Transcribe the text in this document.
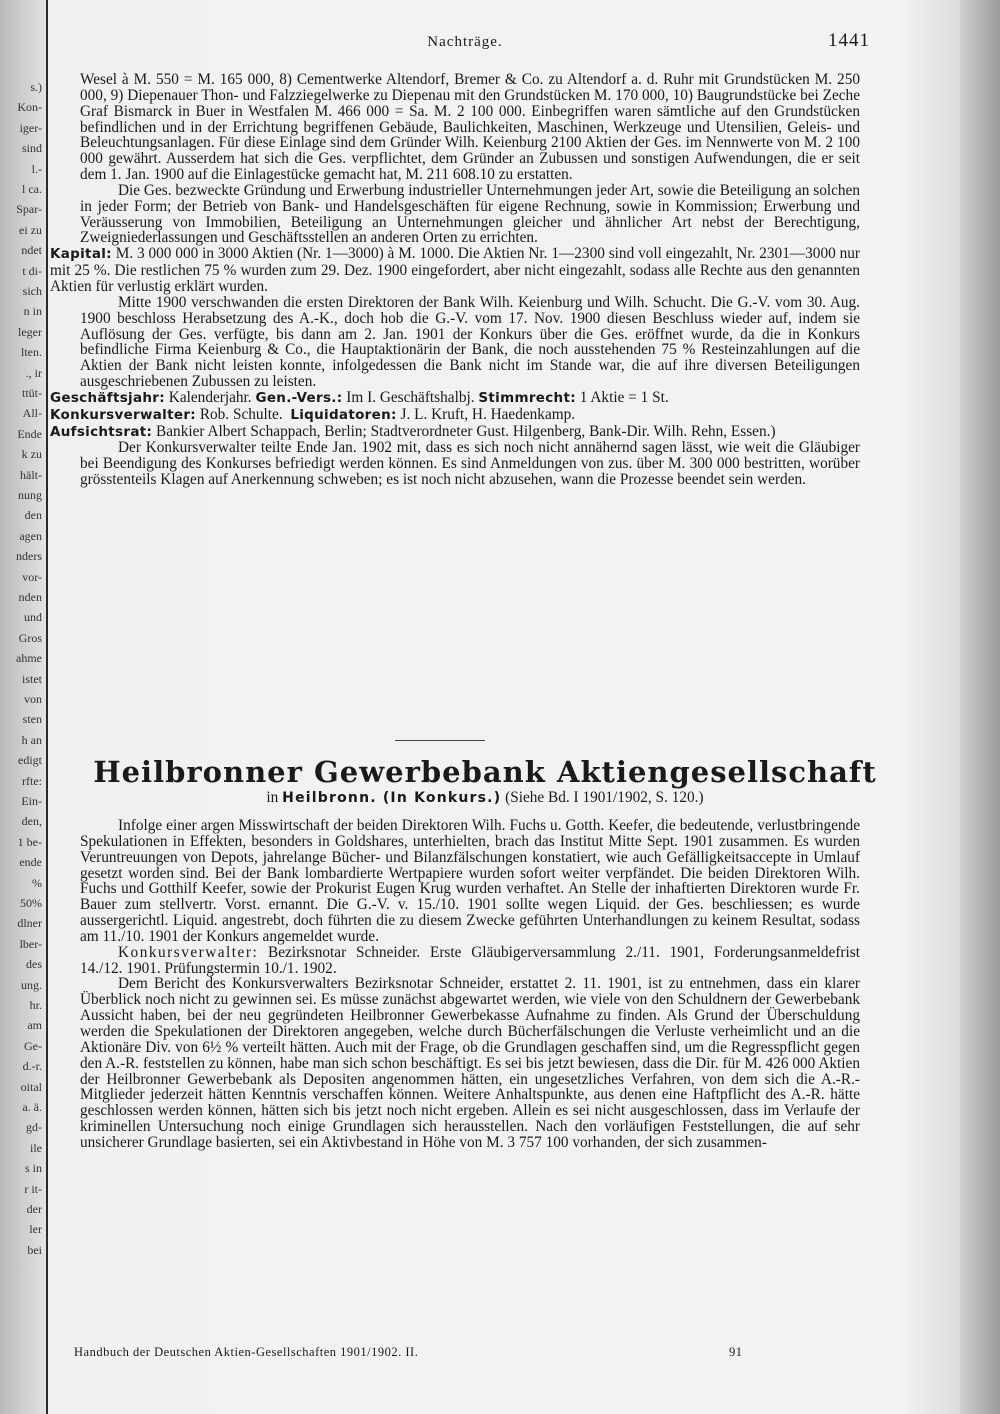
s.)
Kon-
iger-
sind
l.-
l ca.
Spar-
ei zu
ndet
t di-
sich
n in
leger
lten.
., ir
ttüt-
All-
Ende
k zu
hält-
nung
den
agen
nders
vor-
nden
und
Gros
ahme
istet
von
sten
h an
edigt
rfte:
Ein-
den,
1 be-
ende
%
50%
dlner
lber-
des
ung.
hr.
am
Ge-
d.-r.
oital
a. ä.
gd-
ile
s in
r it-
der
ler
bei
Nachträge.	1441

Wesel à M. 550 = M. 165 000, 8) Cementwerke Altendorf, Bremer & Co. zu Altendorf a. d. Ruhr mit Grundstücken M. 250 000, 9) Diepenauer Thon- und Falzziegelwerke zu Diepenau mit den Grundstücken M. 170 000, 10) Baugrundstücke bei Zeche Graf Bismarck in Buer in Westfalen M. 466 000 = Sa. M. 2 100 000. Einbegriffen waren sämtliche auf den Grundstücken befindlichen und in der Errichtung begriffenen Gebäude, Baulichkeiten, Maschinen, Werkzeuge und Utensilien, Geleis- und Beleuchtungsanlagen. Für diese Einlage sind dem Gründer Wilh. Keienburg 2100 Aktien der Ges. im Nennwerte von M. 2 100 000 gewährt. Ausserdem hat sich die Ges. verpflichtet, dem Gründer an Zubussen und sonstigen Aufwendungen, die er seit dem 1. Jan. 1900 auf die Einlagestücke gemacht hat, M. 211 608.10 zu erstatten.

Die Ges. bezweckte Gründung und Erwerbung industrieller Unternehmungen jeder Art, sowie die Beteiligung an solchen in jeder Form; der Betrieb von Bank- und Handelsgeschäften für eigene Rechnung, sowie in Kommission; Erwerbung und Veräusserung von Immobilien, Beteiligung an Unternehmungen gleicher und ähnlicher Art nebst der Berechtigung, Zweigniederlassungen und Geschäftsstellen an anderen Orten zu errichten.

Kapital: M. 3 000 000 in 3000 Aktien (Nr. 1—3000) à M. 1000. Die Aktien Nr. 1—2300 sind voll eingezahlt, Nr. 2301—3000 nur mit 25 %. Die restlichen 75 % wurden zum 29. Dez. 1900 eingefordert, aber nicht eingezahlt, sodass alle Rechte aus den genannten Aktien für verlustig erklärt wurden.

Mitte 1900 verschwanden die ersten Direktoren der Bank Wilh. Keienburg und Wilh. Schucht. Die G.-V. vom 30. Aug. 1900 beschloss Herabsetzung des A.-K., doch hob die G.-V. vom 17. Nov. 1900 diesen Beschluss wieder auf, indem sie Auflösung der Ges. verfügte, bis dann am 2. Jan. 1901 der Konkurs über die Ges. eröffnet wurde, da die in Konkurs befindliche Firma Keienburg & Co., die Hauptaktionärin der Bank, die noch ausstehenden 75 % Resteinzahlungen auf die Aktien der Bank nicht leisten konnte, infolgedessen die Bank nicht im Stande war, die auf ihre diversen Beteiligungen ausgeschriebenen Zubussen zu leisten.

Geschäftsjahr: Kalenderjahr. Gen.-Vers.: Im I. Geschäftshalbj. Stimmrecht: 1 Aktie = 1 St.

Konkursverwalter: Rob. Schulte. Liquidatoren: J. L. Kruft, H. Haedenkamp.

Aufsichtsrat: Bankier Albert Schappach, Berlin; Stadtverordneter Gust. Hilgenberg, Bank-Dir. Wilh. Rehn, Essen.)

Der Konkursverwalter teilte Ende Jan. 1902 mit, dass es sich noch nicht annähernd sagen lässt, wie weit die Gläubiger bei Beendigung des Konkurses befriedigt werden können. Es sind Anmeldungen von zus. über M. 300 000 bestritten, worüber grösstenteils Klagen auf Anerkennung schweben; es ist noch nicht abzusehen, wann die Prozesse beendet sein werden.

Heilbronner Gewerbebank Aktiengesellschaft
in Heilbronn. (In Konkurs.) (Siehe Bd. I 1901/1902, S. 120.)

Infolge einer argen Misswirtschaft der beiden Direktoren Wilh. Fuchs u. Gotth. Keefer, die bedeutende, verlustbringende Spekulationen in Effekten, besonders in Goldshares, unterhielten, brach das Institut Mitte Sept. 1901 zusammen. Es wurden Veruntreuungen von Depots, jahrelange Bücher- und Bilanzfälschungen konstatiert, wie auch Gefälligkeitsaccepte in Umlauf gesetzt worden sind. Bei der Bank lombardierte Wertpapiere wurden sofort weiter verpfändet. Die beiden Direktoren Wilh. Fuchs und Gotthilf Keefer, sowie der Prokurist Eugen Krug wurden verhaftet. An Stelle der inhaftierten Direktoren wurde Fr. Bauer zum stellvertr. Vorst. ernannt. Die G.-V. v. 15./10. 1901 sollte wegen Liquid. der Ges. beschliessen; es wurde aussergerichtl. Liquid. angestrebt, doch führten die zu diesem Zwecke geführten Unterhandlungen zu keinem Resultat, sodass am 11./10. 1901 der Konkurs angemeldet wurde.

Konkursverwalter: Bezirksnotar Schneider. Erste Gläubigerversammlung 2./11. 1901, Forderungsanmeldefrist 14./12. 1901. Prüfungstermin 10./1. 1902.

Dem Bericht des Konkursverwalters Bezirksnotar Schneider, erstattet 2. 11. 1901, ist zu entnehmen, dass ein klarer Überblick noch nicht zu gewinnen sei. Es müsse zunächst abgewartet werden, wie viele von den Schuldnern der Gewerbebank Aussicht haben, bei der neu gegründeten Heilbronner Gewerbekasse Aufnahme zu finden. Als Grund der Überschuldung werden die Spekulationen der Direktoren angegeben, welche durch Bücherfälschungen die Verluste verheimlicht und an die Aktionäre Div. von 6½ % verteilt hätten. Auch mit der Frage, ob die Grundlagen geschaffen sind, um die Regresspflicht gegen den A.-R. feststellen zu können, habe man sich schon beschäftigt. Es sei bis jetzt bewiesen, dass die Dir. für M. 426 000 Aktien der Heilbronner Gewerbebank als Depositen angenommen hätten, ein ungesetzliches Verfahren, von dem sich die A.-R.-Mitglieder jederzeit hätten Kenntnis verschaffen können. Weitere Anhaltspunkte, aus denen eine Haftpflicht des A.-R. hätte geschlossen werden können, hätten sich bis jetzt noch nicht ergeben. Allein es sei nicht ausgeschlossen, dass im Verlaufe der kriminellen Untersuchung noch einige Grundlagen sich herausstellen. Nach den vorläufigen Feststellungen, die auf sehr unsicherer Grundlage basierten, sei ein Aktivbestand in Höhe von M. 3 757 100 vorhanden, der sich zusammen-

Handbuch der Deutschen Aktien-Gesellschaften 1901/1902. II.	91
